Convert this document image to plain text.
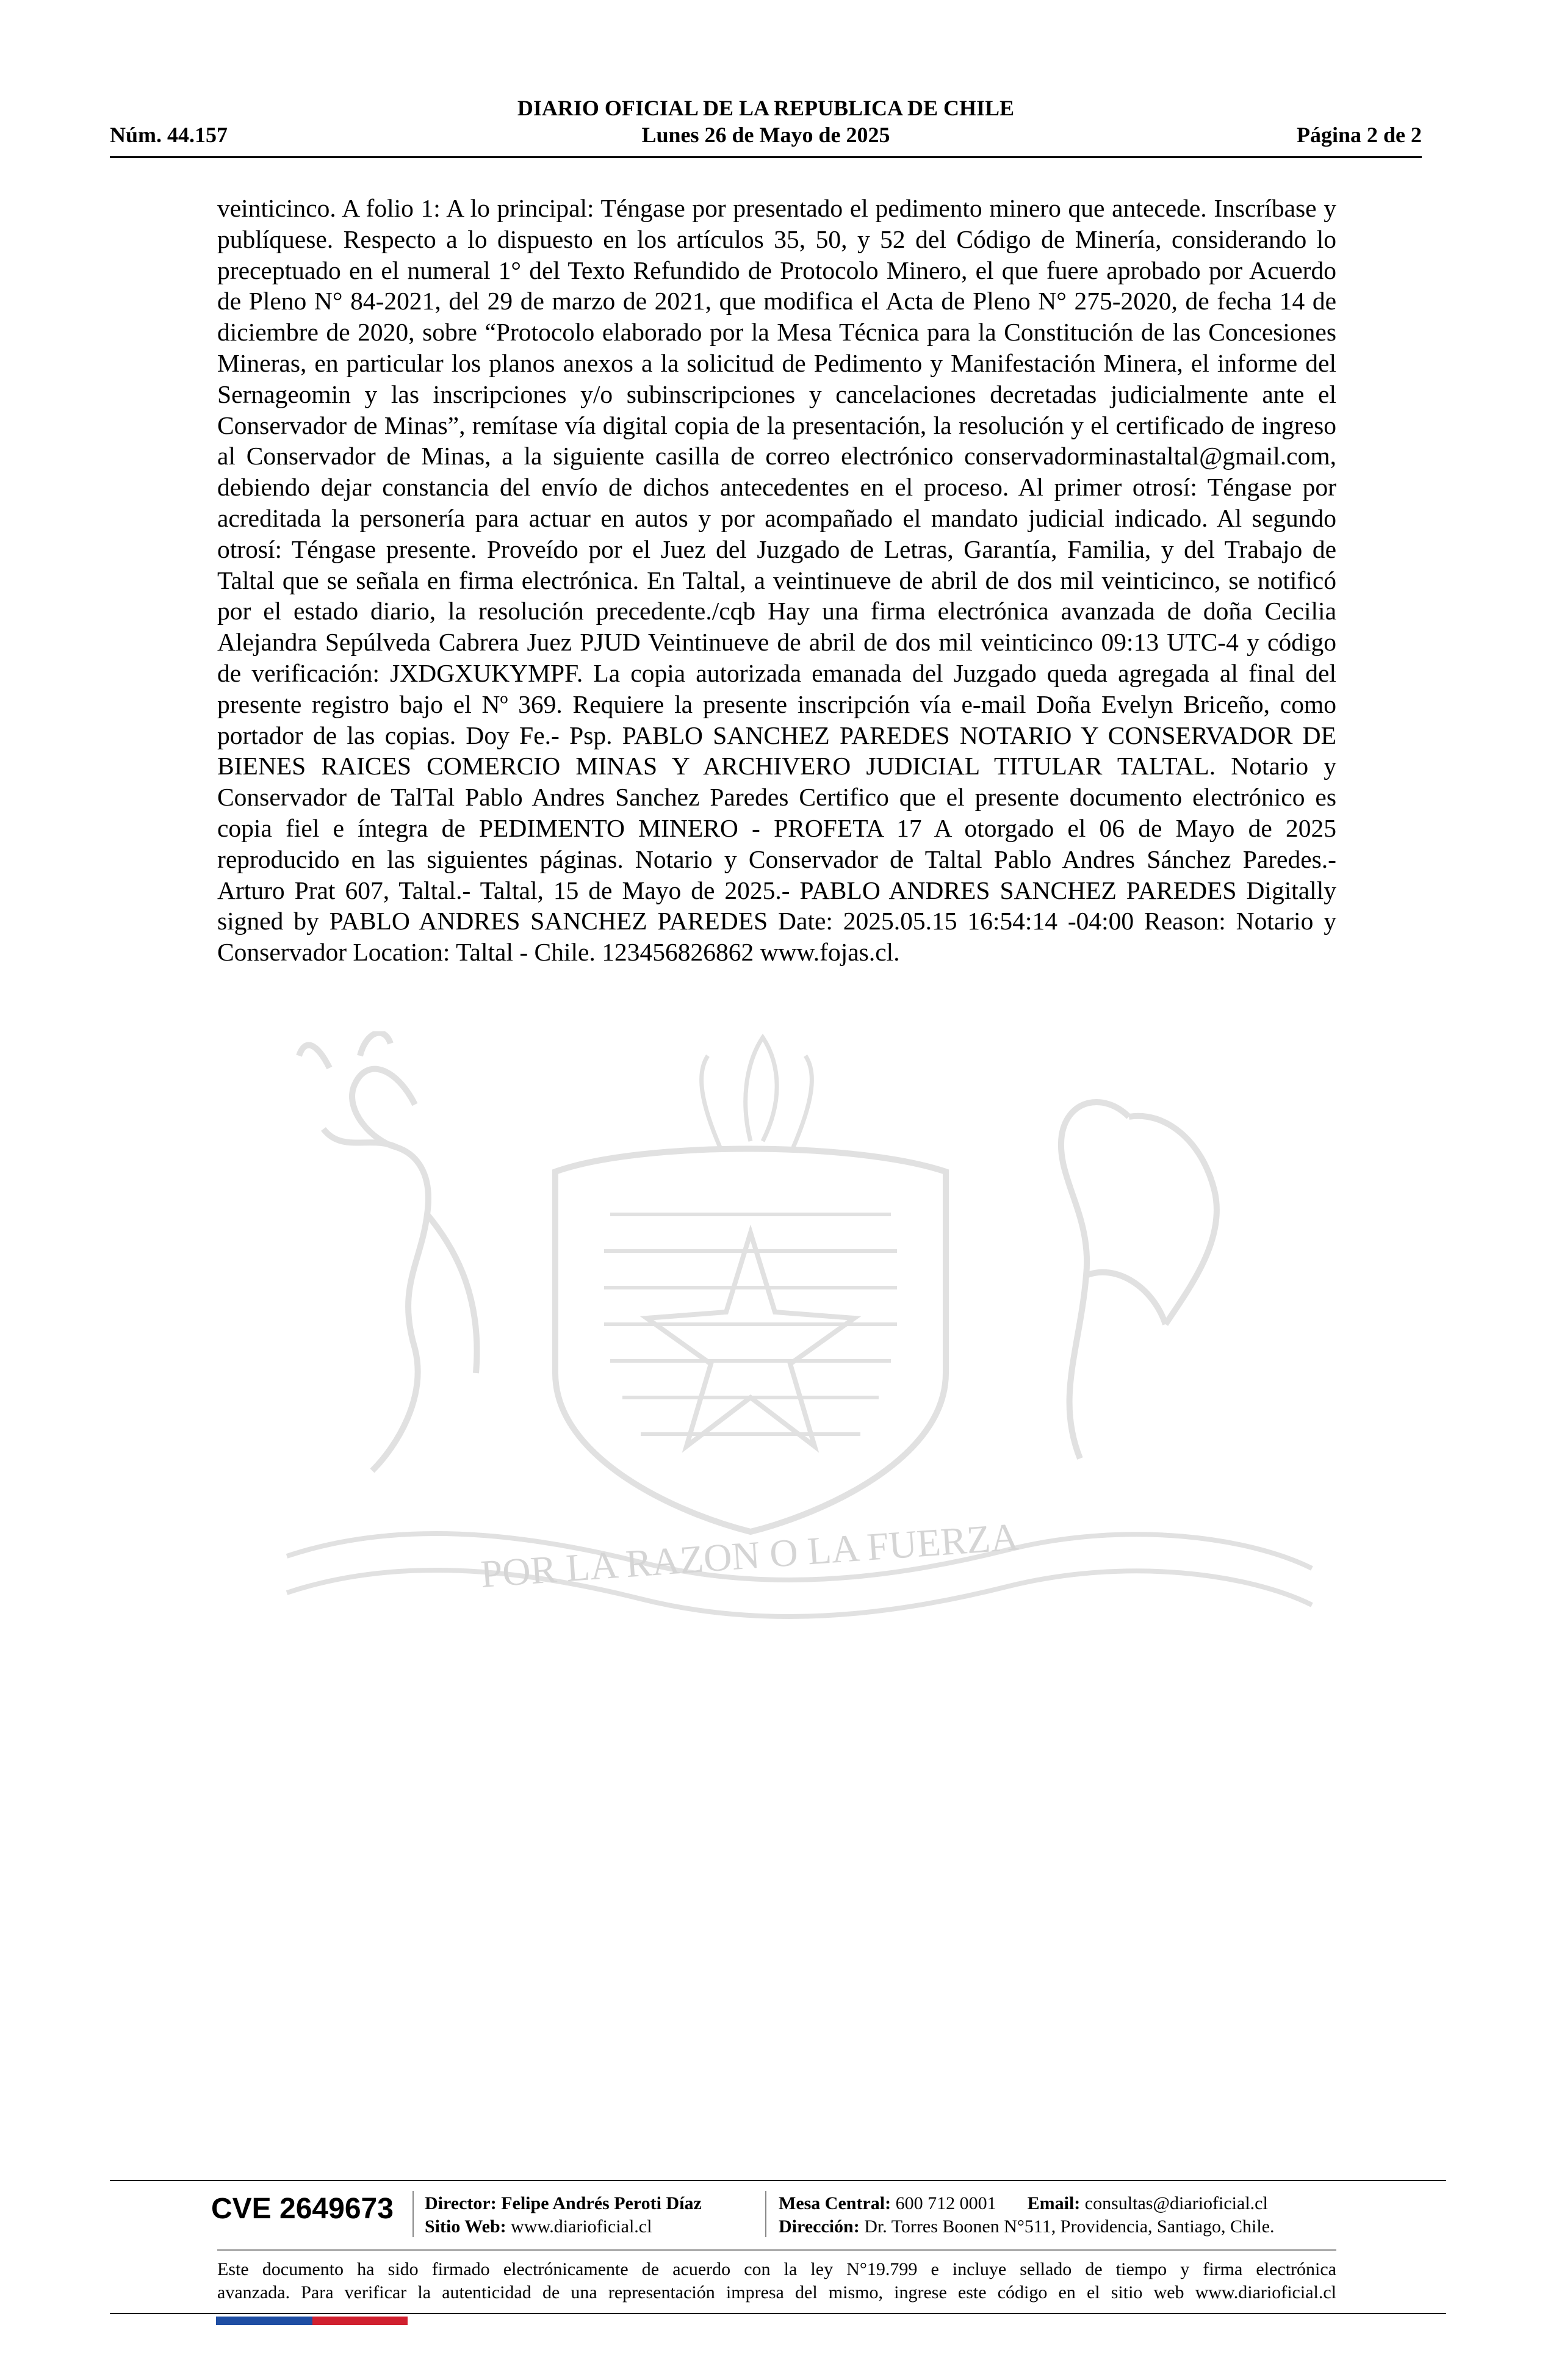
DIARIO OFICIAL DE LA REPUBLICA DE CHILE
Núm. 44.157	Lunes 26 de Mayo de 2025	Página 2 de 2
POR LA RAZON O LA FUERZA
veinticinco. A folio 1: A lo principal: Téngase por presentado el pedimento minero que antecede. Inscríbase y publíquese. Respecto a lo dispuesto en los artículos 35, 50, y 52 del Código de Minería, considerando lo preceptuado en el numeral 1° del Texto Refundido de Protocolo Minero, el que fuere aprobado por Acuerdo de Pleno N° 84-2021, del 29 de marzo de 2021, que modifica el Acta de Pleno N° 275-2020, de fecha 14 de diciembre de 2020, sobre “Protocolo elaborado por la Mesa Técnica para la Constitución de las Concesiones Mineras, en particular los planos anexos a la solicitud de Pedimento y Manifestación Minera, el informe del Sernageomin y las inscripciones y/o subinscripciones y cancelaciones decretadas judicialmente ante el Conservador de Minas”, remítase vía digital copia de la presentación, la resolución y el certificado de ingreso al Conservador de Minas, a la siguiente casilla de correo electrónico conservadorminastaltal@gmail.com, debiendo dejar constancia del envío de dichos antecedentes en el proceso. Al primer otrosí: Téngase por acreditada la personería para actuar en autos y por acompañado el mandato judicial indicado. Al segundo otrosí: Téngase presente. Proveído por el Juez del Juzgado de Letras, Garantía, Familia, y del Trabajo de Taltal que se señala en firma electrónica. En Taltal, a veintinueve de abril de dos mil veinticinco, se notificó por el estado diario, la resolución precedente./cqb Hay una firma electrónica avanzada de doña Cecilia Alejandra Sepúlveda Cabrera Juez PJUD Veintinueve de abril de dos mil veinticinco 09:13 UTC-4 y código de verificación: JXDGXUKYMPF. La copia autorizada emanada del Juzgado queda agregada al final del presente registro bajo el Nº 369. Requiere la presente inscripción vía e-mail Doña Evelyn Briceño, como portador de las copias. Doy Fe.- Psp. PABLO SANCHEZ PAREDES NOTARIO Y CONSERVADOR DE BIENES RAICES COMERCIO MINAS Y ARCHIVERO JUDICIAL TITULAR TALTAL. Notario y Conservador de TalTal Pablo Andres Sanchez Paredes Certifico que el presente documento electrónico es copia fiel e íntegra de PEDIMENTO MINERO - PROFETA 17 A otorgado el 06 de Mayo de 2025 reproducido en las siguientes páginas. Notario y Conservador de Taltal Pablo Andres Sánchez Paredes.- Arturo Prat 607, Taltal.- Taltal, 15 de Mayo de 2025.- PABLO ANDRES SANCHEZ PAREDES Digitally signed by PABLO ANDRES SANCHEZ PAREDES Date: 2025.05.15 16:54:14 -04:00 Reason: Notario y Conservador Location: Taltal - Chile. 123456826862 www.fojas.cl.
CVE 2649673 Director: Felipe Andrés Peroti Díaz
Sitio Web: www.diarioficial.cl
Mesa Central: 600 712 0001 Email: consultas@diarioficial.cl
Dirección: Dr. Torres Boonen N°511, Providencia, Santiago, Chile.
Este documento ha sido firmado electrónicamente de acuerdo con la ley N°19.799 e incluye sellado de tiempo y firma electrónica
avanzada. Para verificar la autenticidad de una representación impresa del mismo, ingrese este código en el sitio web www.diarioficial.cl
